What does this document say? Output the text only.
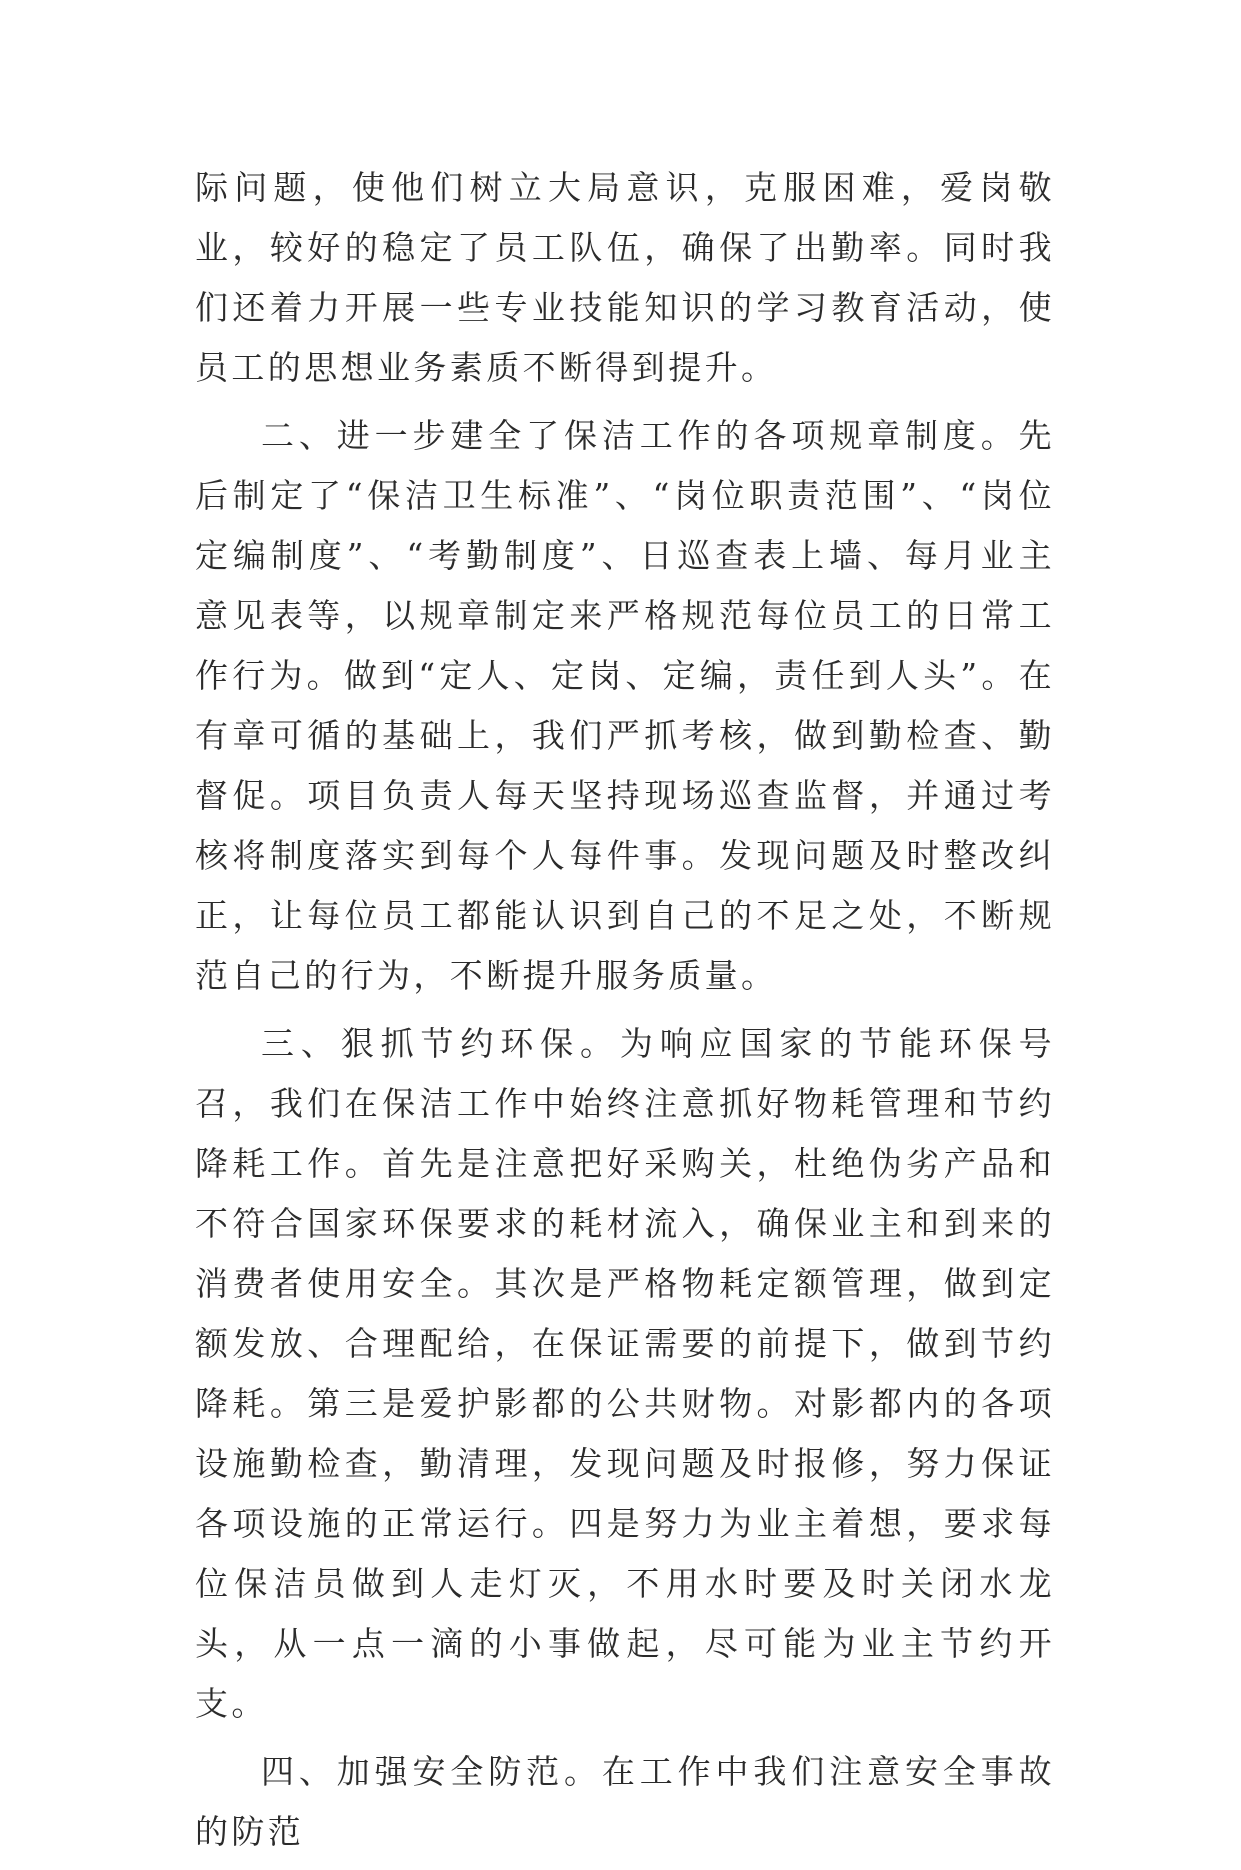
际问题，使他们树立大局意识，克服困难，爱岗敬业，较好的稳定了员工队伍，确保了出勤率。同时我们还着力开展一些专业技能知识的学习教育活动，使员工的思想业务素质不断得到提升。

二、进一步建全了保洁工作的各项规章制度。先后制定了“保洁卫生标准”、“岗位职责范围”、“岗位定编制度”、“考勤制度”、日巡查表上墙、每月业主意见表等，以规章制定来严格规范每位员工的日常工作行为。做到“定人、定岗、定编，责任到人头”。在有章可循的基础上，我们严抓考核，做到勤检查、勤督促。项目负责人每天坚持现场巡查监督，并通过考核将制度落实到每个人每件事。发现问题及时整改纠正，让每位员工都能认识到自己的不足之处，不断规范自己的行为，不断提升服务质量。

三、狠抓节约环保。为响应国家的节能环保号召，我们在保洁工作中始终注意抓好物耗管理和节约降耗工作。首先是注意把好采购关，杜绝伪劣产品和不符合国家环保要求的耗材流入，确保业主和到来的消费者使用安全。其次是严格物耗定额管理，做到定额发放、合理配给，在保证需要的前提下，做到节约降耗。第三是爱护影都的公共财物。对影都内的各项设施勤检查，勤清理，发现问题及时报修，努力保证各项设施的正常运行。四是努力为业主着想，要求每位保洁员做到人走灯灭，不用水时要及时关闭水龙头，从一点一滴的小事做起，尽可能为业主节约开支。

四、加强安全防范。在工作中我们注意安全事故的防范
